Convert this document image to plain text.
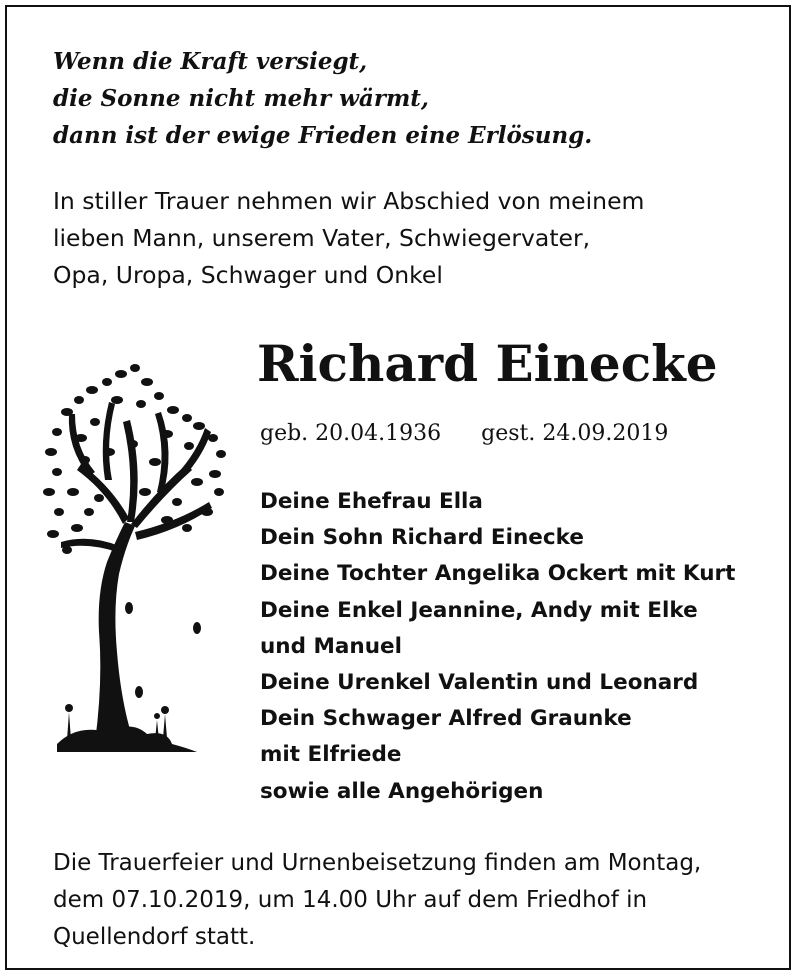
Wenn die Kraft versiegt,
die Sonne nicht mehr wärmt,
dann ist der ewige Frieden eine Erlösung.
In stiller Trauer nehmen wir Abschied von meinem
lieben Mann, unserem Vater, Schwiegervater,
Opa, Uropa, Schwager und Onkel
Richard Einecke
geb. 20.04.1936 gest. 24.09.2019
Deine Ehefrau Ella
Dein Sohn Richard Einecke
Deine Tochter Angelika Ockert mit Kurt
Deine Enkel Jeannine, Andy mit Elke
und Manuel
Deine Urenkel Valentin und Leonard
Dein Schwager Alfred Graunke
mit Elfriede
sowie alle Angehörigen
Die Trauerfeier und Urnenbeisetzung finden am Montag,
dem 07.10.2019, um 14.00 Uhr auf dem Friedhof in
Quellendorf statt.
